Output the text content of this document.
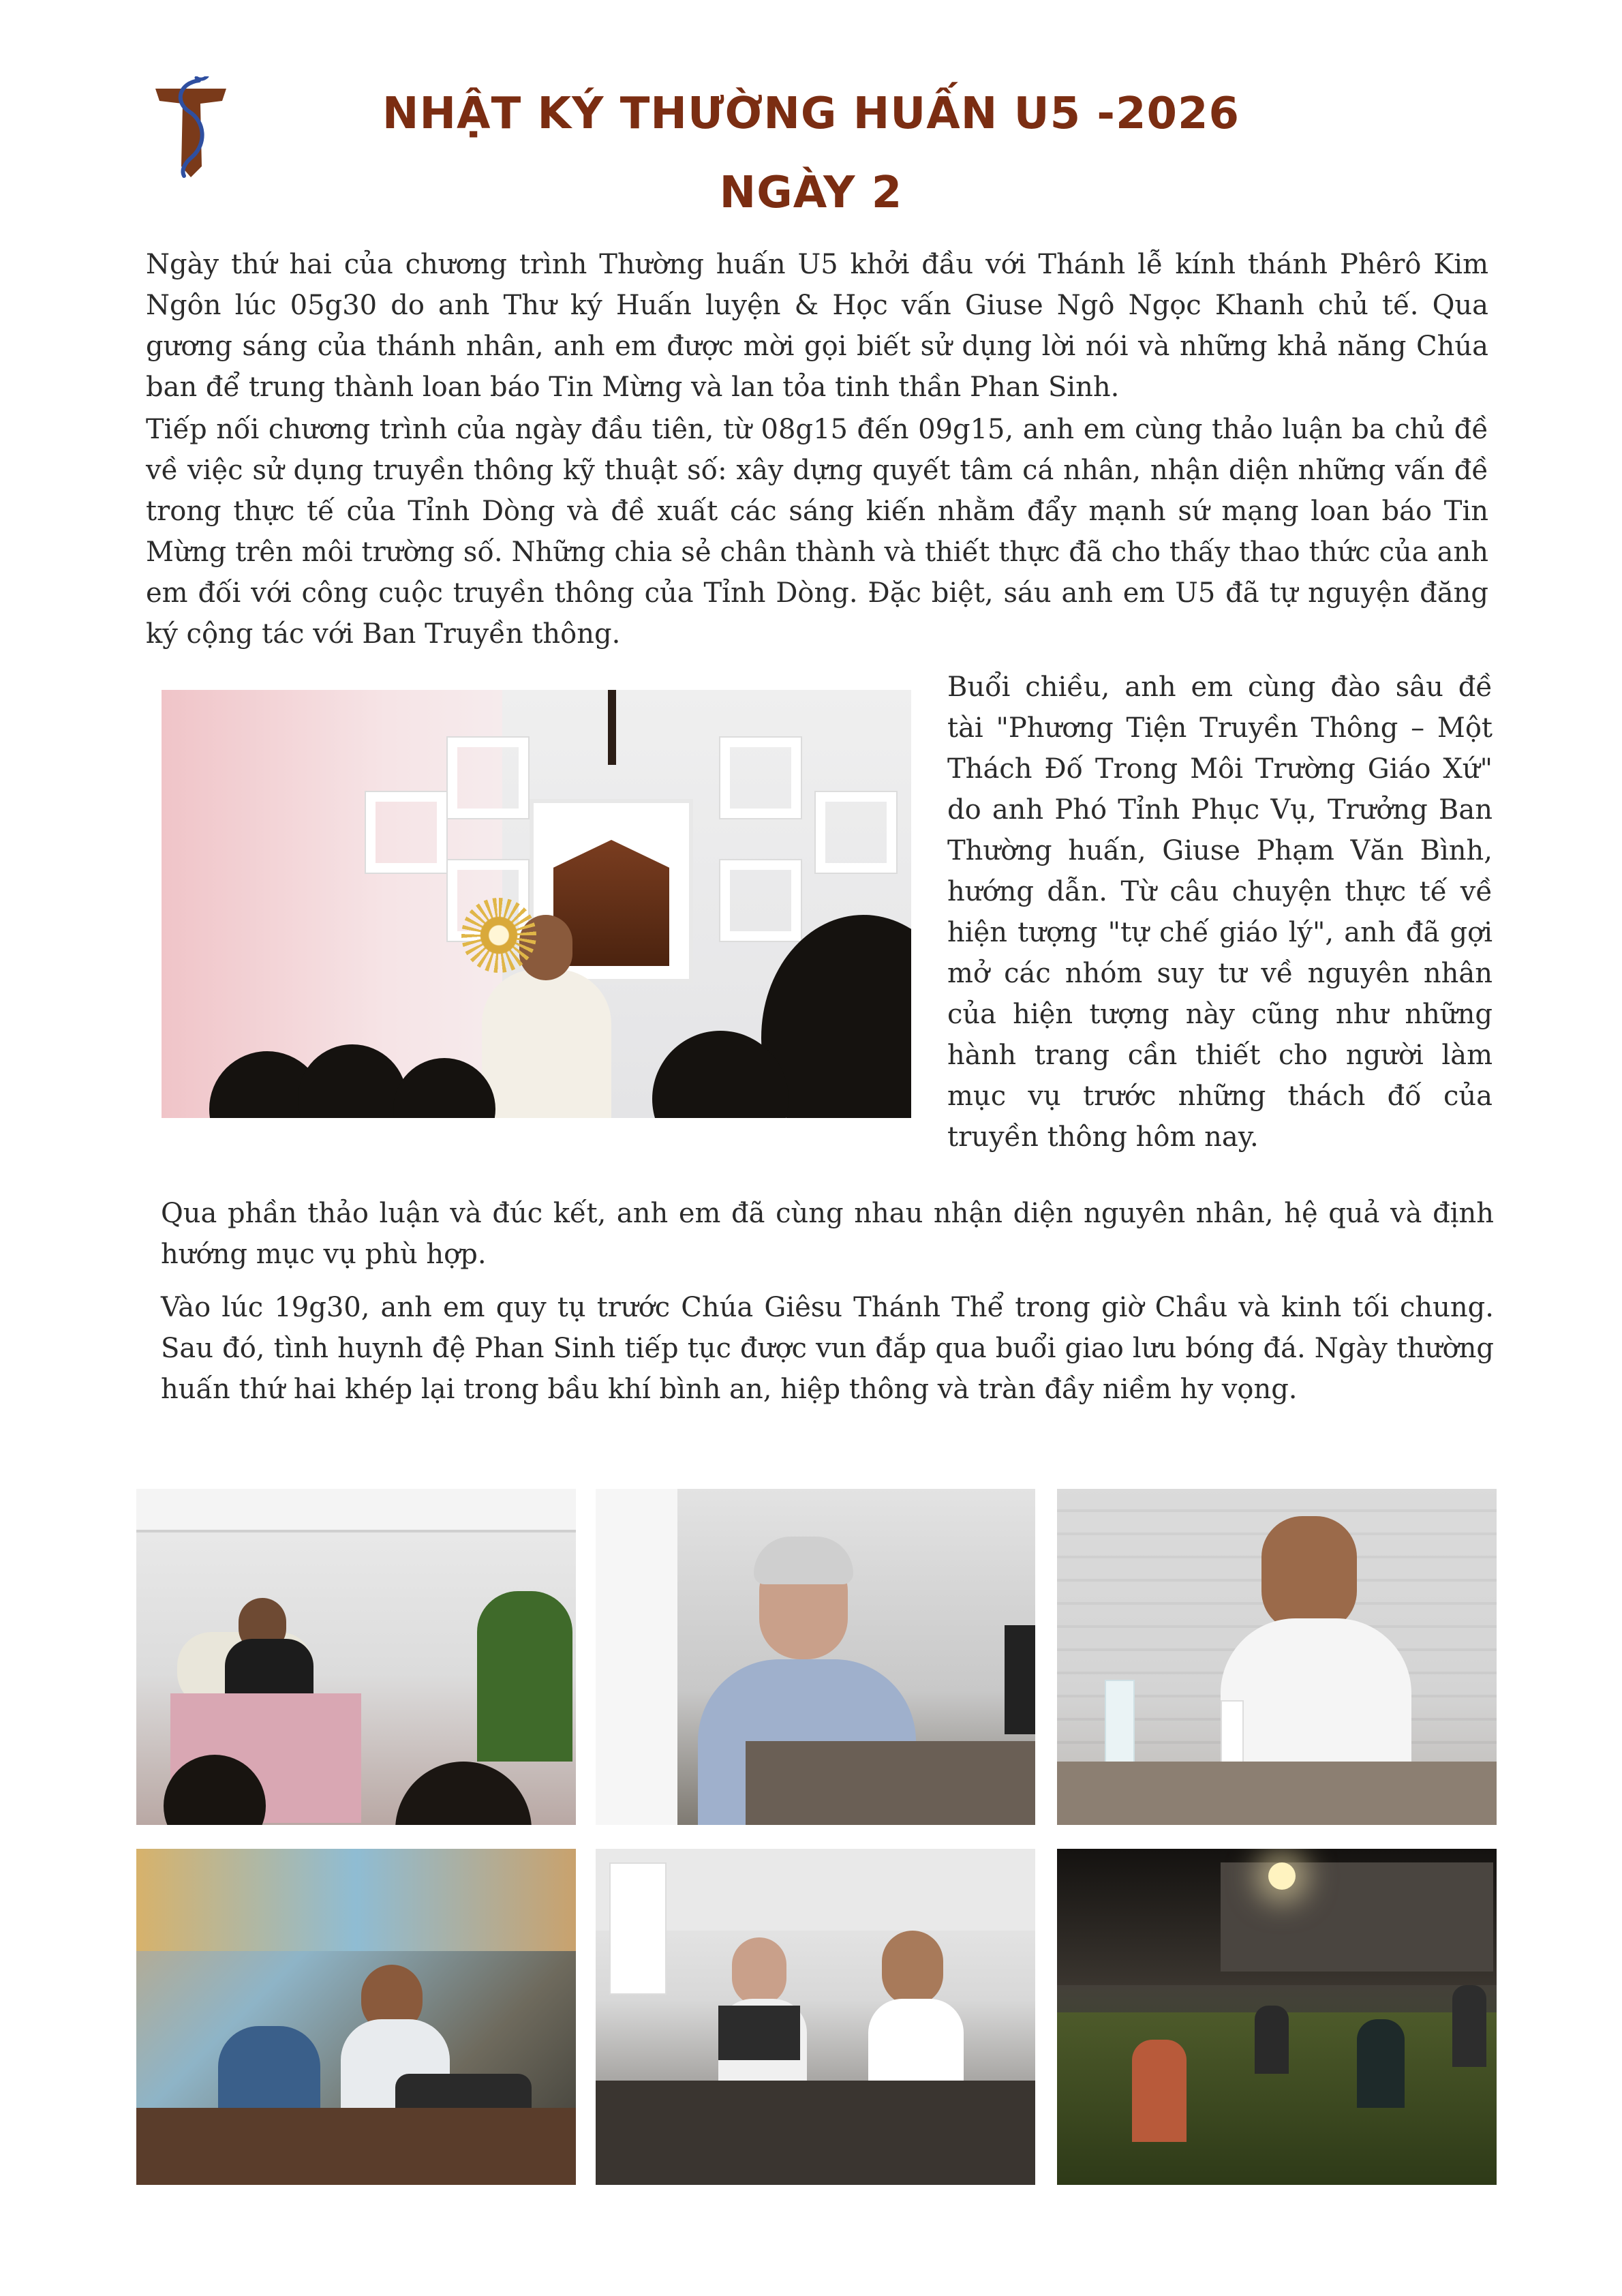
NHẬT KÝ THƯỜNG HUẤN U5 -2026
NGÀY 2

Ngày thứ hai của chương trình Thường huấn U5 khởi đầu với Thánh lễ kính thánh Phêrô Kim Ngôn lúc 05g30 do anh Thư ký Huấn luyện & Học vấn Giuse Ngô Ngọc Khanh chủ tế. Qua gương sáng của thánh nhân, anh em được mời gọi biết sử dụng lời nói và những khả năng Chúa ban để trung thành loan báo Tin Mừng và lan tỏa tinh thần Phan Sinh.

Tiếp nối chương trình của ngày đầu tiên, từ 08g15 đến 09g15, anh em cùng thảo luận ba chủ đề về việc sử dụng truyền thông kỹ thuật số: xây dựng quyết tâm cá nhân, nhận diện những vấn đề trong thực tế của Tỉnh Dòng và đề xuất các sáng kiến nhằm đẩy mạnh sứ mạng loan báo Tin Mừng trên môi trường số. Những chia sẻ chân thành và thiết thực đã cho thấy thao thức của anh em đối với công cuộc truyền thông của Tỉnh Dòng. Đặc biệt, sáu anh em U5 đã tự nguyện đăng ký cộng tác với Ban Truyền thông.

Buổi chiều, anh em cùng đào sâu đề tài "Phương Tiện Truyền Thông – Một Thách Đố Trong Môi Trường Giáo Xứ" do anh Phó Tỉnh Phục Vụ, Trưởng Ban Thường huấn, Giuse Phạm Văn Bình, hướng dẫn. Từ câu chuyện thực tế về hiện tượng "tự chế giáo lý", anh đã gợi mở các nhóm suy tư về nguyên nhân của hiện tượng này cũng như những hành trang cần thiết cho người làm mục vụ trước những thách đố của truyền thông hôm nay.

Qua phần thảo luận và đúc kết, anh em đã cùng nhau nhận diện nguyên nhân, hệ quả và định hướng mục vụ phù hợp.

Vào lúc 19g30, anh em quy tụ trước Chúa Giêsu Thánh Thể trong giờ Chầu và kinh tối chung. Sau đó, tình huynh đệ Phan Sinh tiếp tục được vun đắp qua buổi giao lưu bóng đá. Ngày thường huấn thứ hai khép lại trong bầu khí bình an, hiệp thông và tràn đầy niềm hy vọng.
